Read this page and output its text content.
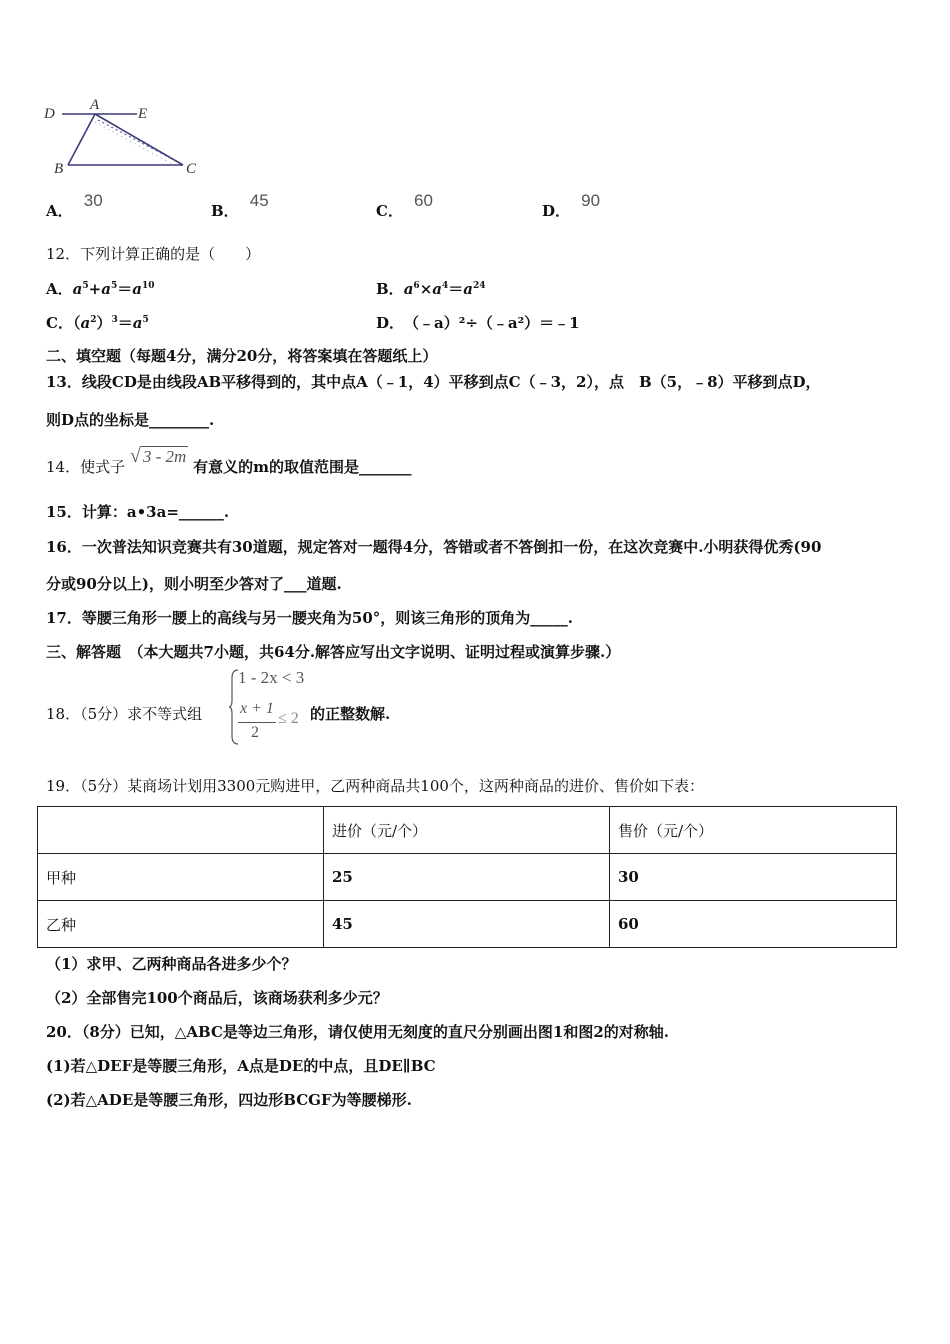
D
A
E
B	C
A． 30
B． 45
C． 60
D． 90
12．下列计算正确的是（　　）
A．$a^5+a^5=a^{10}$	B．$a^6\times a^4=a^{24}$
C．$(a^2)^3=a^5$	D．　 （﹣a）²÷（﹣a²）＝﹣1
二、填空题（每题4分，满分20分，将答案填在答题纸上）
13．线段CD是由线段AB平移得到的，其中点A（﹣1，4）平移到点C（﹣3，2），点　B（5，﹣8）平移到点D，
则D点的坐标是________.
14．使式子 √ 3 - 2m 有意义的m的取值范围是_______
15．计算：a•3a=______.
16．一次普法知识竞赛共有30道题，规定答对一题得4分，答错或者不答倒扣一份，在这次竞赛中.小明获得优秀(90
分或90分以上)，则小明至少答对了___道题.
17．等腰三角形一腰上的高线与另一腰夹角为50°，则该三角形的顶角为_____.
三、解答题　（本大题共7小题，共64分.解答应写出文字说明、证明过程或演算步骤.）
18．（5分）求不等式组
1 - 2x < 3
x + 1
2
≤ 2 的正整数解.
19．（5分）某商场计划用3300元购进甲，乙两种商品共100个，这两种商品的进价、售价如下表：
	进价（元/个）	售价（元/个）
甲种	25	30
乙种	45	60
（1）求甲、乙两种商品各进多少个？
（2）全部售完100个商品后，该商场获利多少元？
20．（8分）已知，△ABC是等边三角形，请仅使用无刻度的直尺分别画出图1和图2的对称轴.
(1)若△DEF是等腰三角形，A点是DE的中点，且DE∥BC
(2)若△ADE是等腰三角形，四边形BCGF为等腰梯形.
